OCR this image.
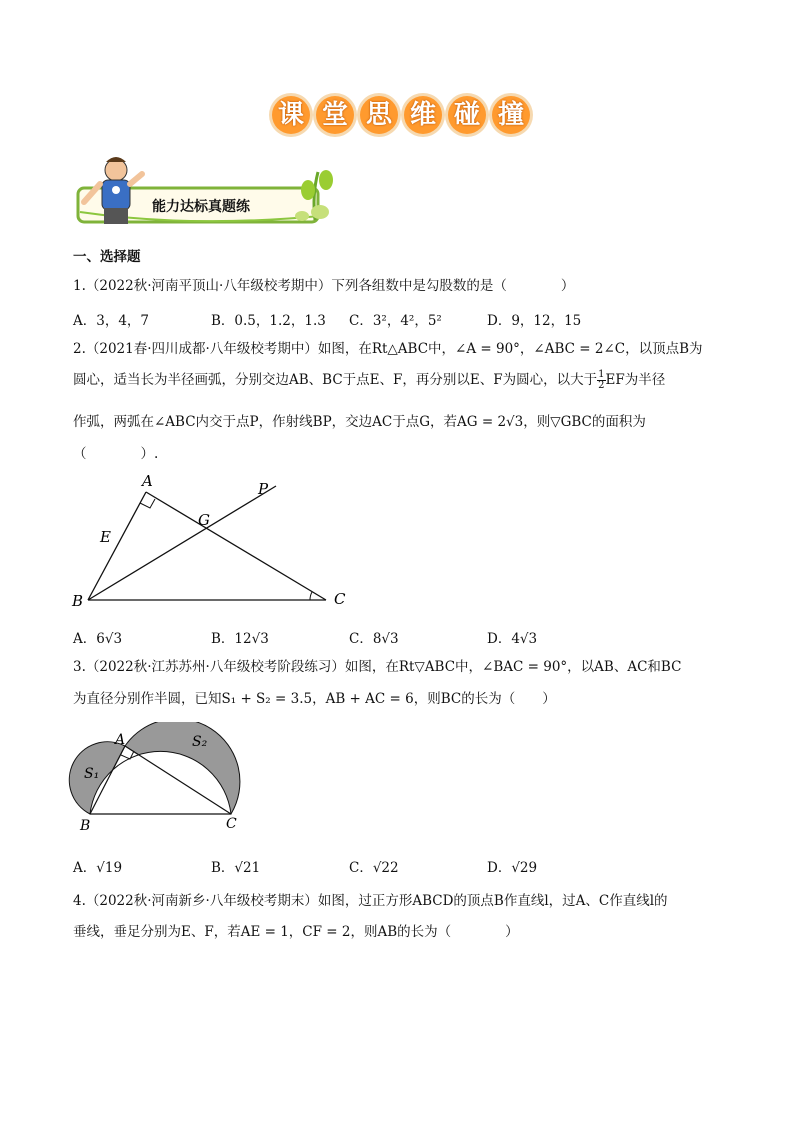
课 堂 思 维 碰 撞
能力达标真题练
一、选择题
1.（2022秋·河南平顶山·八年级校考期中）下列各组数中是勾股数的是（　　　　）
A．3，4，7	B．0.5，1.2，1.3 C．3²，4²，5²	D．9，12，15
2.（2021春·四川成都·八年级校考期中）如图，在Rt△ABC中，∠A = 90°，∠ABC = 2∠C，以顶点B为
圆心，适当长为半径画弧，分别交边AB、BC于点E、F，再分别以E、F为圆心，以大于 $\frac{1}{2}$ EF为半径
作弧，两弧在∠ABC内交于点P，作射线BP，交边AC于点G，若AG = 2√3，则▽GBC的面积为
（　　　　）.
A
B	C
E
G
P
A．6√3	B．12√3	C．8√3	D．4√3
3.（2022秋·江苏苏州·八年级校考阶段练习）如图，在Rt▽ABC中，∠BAC = 90°，以AB、AC和BC
为直径分别作半圆，已知S₁ + S₂ = 3.5，AB + AC = 6，则BC的长为（　　）
A
B	C
S₁
S₂
A．√19	B．√21	C．√22	D．√29
4.（2022秋·河南新乡·八年级校考期末）如图，过正方形ABCD的顶点B作直线l，过A、C作直线l的
垂线，垂足分别为E、F，若AE = 1，CF = 2，则AB的长为（　　　　）
